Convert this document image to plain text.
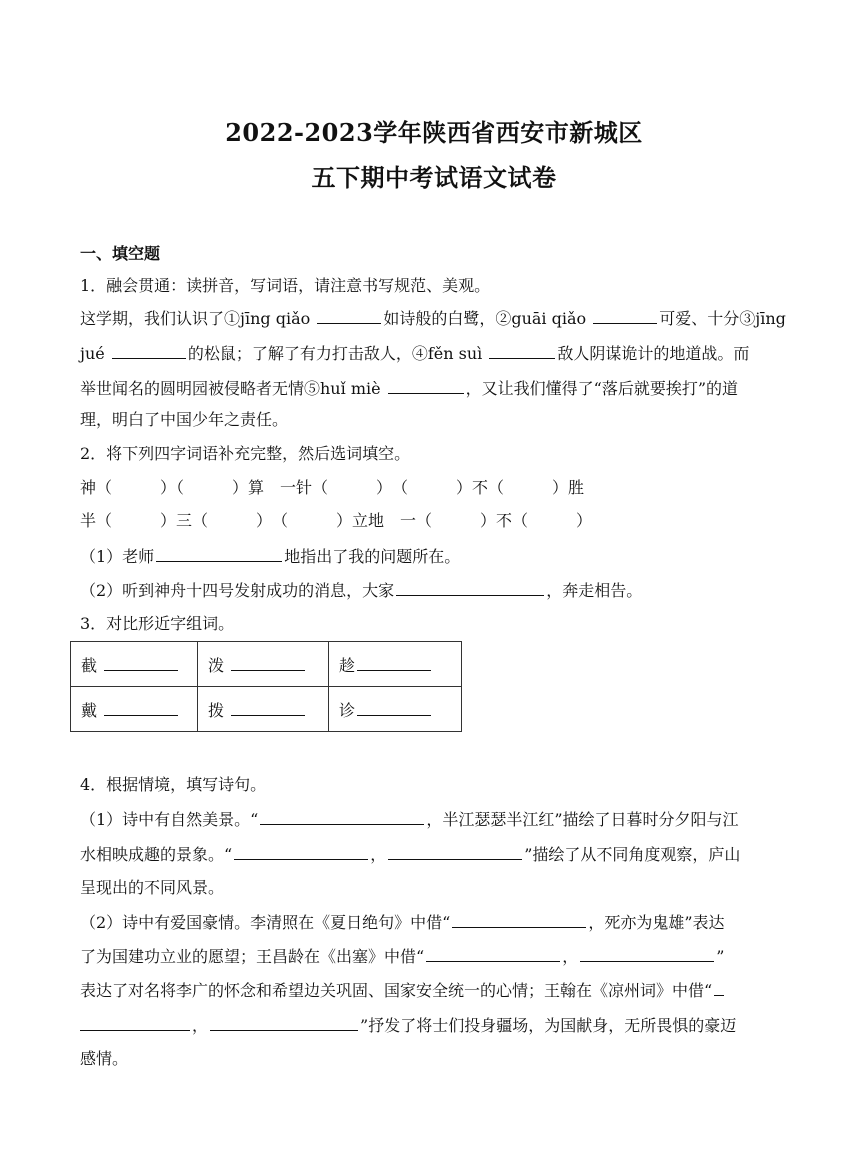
2022-2023学年陕西省西安市新城区
五下期中考试语文试卷
一、填空题
1．融会贯通：读拼音，写词语，请注意书写规范、美观。
这学期，我们认识了①jīng qiǎo	如诗般的白鹭，②guāi qiǎo	可爱、十分③jīng
jué	的松鼠；了解了有力打击敌人，④fěn suì	敌人阴谋诡计的地道战。而
举世闻名的圆明园被侵略者无情⑤huǐ miè	，又让我们懂得了“落后就要挨打”的道
理，明白了中国少年之责任。
2．将下列四字词语补充完整，然后选词填空。
神（　　　）（　　　）算　一针（　　　）　（　　　）不（　　　）胜
半（　　　）三（　　　）　（　　　）立地　一（　　　）不（　　　）
（1）老师	地指出了我的问题所在。
（2）听到神舟十四号发射成功的消息，大家	，奔走相告。
3．对比形近字组词。
截	泼	趁
戴	拨	诊
4．根据情境，填写诗句。
（1）诗中有自然美景。“	，半江瑟瑟半江红”描绘了日暮时分夕阳与江
水相映成趣的景象。“	，	”描绘了从不同角度观察，庐山
呈现出的不同风景。
（2）诗中有爱国豪情。李清照在《夏日绝句》中借“	，死亦为鬼雄”表达
了为国建功立业的愿望；王昌龄在《出塞》中借“	，	”
表达了对名将李广的怀念和希望边关巩固、国家安全统一的心情；王翰在《凉州词》中借“
，	”抒发了将士们投身疆场，为国献身，无所畏惧的豪迈
感情。
